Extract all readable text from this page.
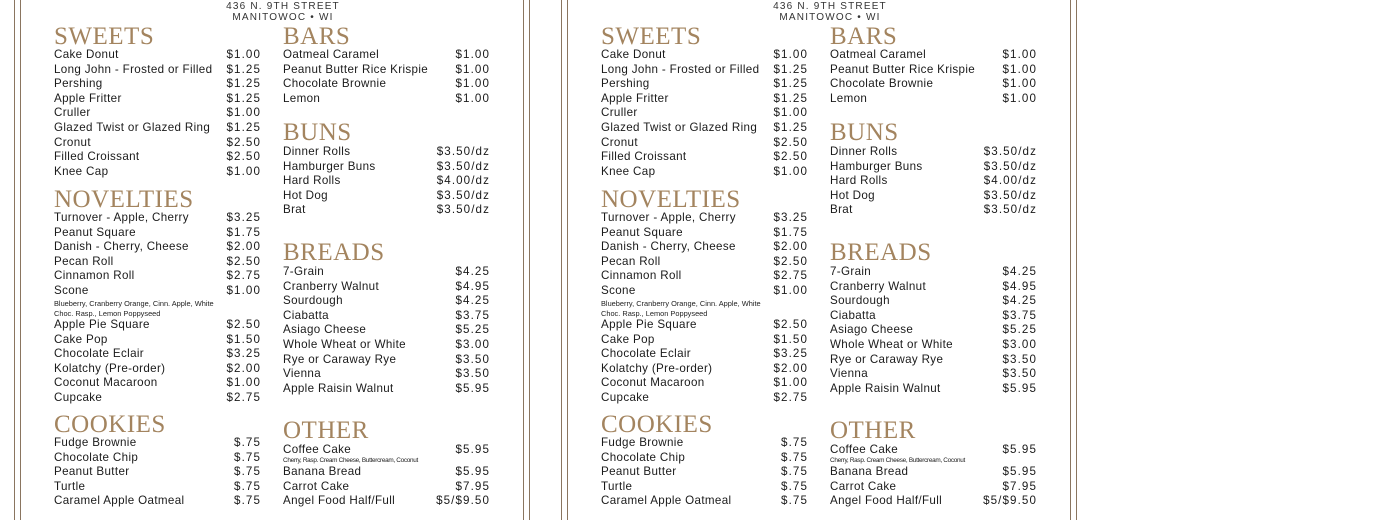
436 N. 9TH STREET
MANITOWOC • WI
SWEETS
Cake Donut	$1.00
Long John - Frosted or Filled $1.25
Pershing	$1.25
Apple Fritter	$1.25
Cruller	$1.00
Glazed Twist or Glazed Ring $1.25
Cronut	$2.50
Filled Croissant	$2.50
Knee Cap	$1.00
NOVELTIES
Turnover - Apple, Cherry	$3.25
Peanut Square	$1.75
Danish - Cherry, Cheese	$2.00
Pecan Roll	$2.50
Cinnamon Roll	$2.75
Scone	$1.00
Blueberry, Cranberry Orange, Cinn. Apple, White Choc. Rasp., Lemon Poppyseed
Apple Pie Square	$2.50
Cake Pop	$1.50
Chocolate Eclair	$3.25
Kolatchy (Pre-order)	$2.00
Coconut Macaroon	$1.00
Cupcake	$2.75
COOKIES
Fudge Brownie	$.75
Chocolate Chip	$.75
Peanut Butter	$.75
Turtle	$.75
Caramel Apple Oatmeal	$.75
BARS
Oatmeal Caramel	$1.00
Peanut Butter Rice Krispie $1.00
Chocolate Brownie	$1.00
Lemon	$1.00
BUNS
Dinner Rolls	$3.50/dz
Hamburger Buns	$3.50/dz
Hard Rolls	$4.00/dz
Hot Dog	$3.50/dz
Brat	$3.50/dz
BREADS
7-Grain	$4.25
Cranberry Walnut	$4.95
Sourdough	$4.25
Ciabatta	$3.75
Asiago Cheese	$5.25
Whole Wheat or White	$3.00
Rye or Caraway Rye	$3.50
Vienna	$3.50
Apple Raisin Walnut	$5.95
OTHER
Coffee Cake	$5.95
Cherry, Rasp. Cream Cheese, Buttercream, Coconut
Banana Bread	$5.95
Carrot Cake	$7.95
Angel Food Half/Full	$5/$9.50
436 N. 9TH STREET
MANITOWOC • WI
SWEETS
Cake Donut	$1.00
Long John - Frosted or Filled $1.25
Pershing	$1.25
Apple Fritter	$1.25
Cruller	$1.00
Glazed Twist or Glazed Ring $1.25
Cronut	$2.50
Filled Croissant	$2.50
Knee Cap	$1.00
NOVELTIES
Turnover - Apple, Cherry	$3.25
Peanut Square	$1.75
Danish - Cherry, Cheese	$2.00
Pecan Roll	$2.50
Cinnamon Roll	$2.75
Scone	$1.00
Blueberry, Cranberry Orange, Cinn. Apple, White Choc. Rasp., Lemon Poppyseed
Apple Pie Square	$2.50
Cake Pop	$1.50
Chocolate Eclair	$3.25
Kolatchy (Pre-order)	$2.00
Coconut Macaroon	$1.00
Cupcake	$2.75
COOKIES
Fudge Brownie	$.75
Chocolate Chip	$.75
Peanut Butter	$.75
Turtle	$.75
Caramel Apple Oatmeal	$.75
BARS
Oatmeal Caramel	$1.00
Peanut Butter Rice Krispie $1.00
Chocolate Brownie	$1.00
Lemon	$1.00
BUNS
Dinner Rolls	$3.50/dz
Hamburger Buns	$3.50/dz
Hard Rolls	$4.00/dz
Hot Dog	$3.50/dz
Brat	$3.50/dz
BREADS
7-Grain	$4.25
Cranberry Walnut	$4.95
Sourdough	$4.25
Ciabatta	$3.75
Asiago Cheese	$5.25
Whole Wheat or White	$3.00
Rye or Caraway Rye	$3.50
Vienna	$3.50
Apple Raisin Walnut	$5.95
OTHER
Coffee Cake	$5.95
Cherry, Rasp. Cream Cheese, Buttercream, Coconut
Banana Bread	$5.95
Carrot Cake	$7.95
Angel Food Half/Full	$5/$9.50
